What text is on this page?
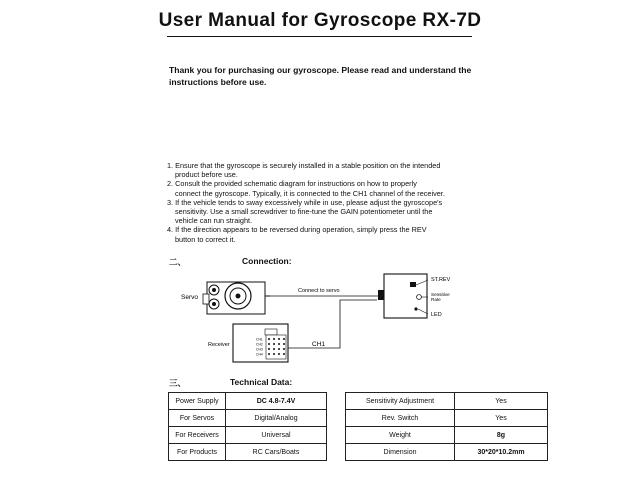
User Manual for Gyroscope RX-7D
Thank you for purchasing our gyroscope. Please read and understand the
instructions before use.
1. Ensure that the gyroscope is securely installed in a stable position on the intended
product before use.
2. Consult the provided schematic diagram for instructions on how to properly
connect the gyroscope. Typically, it is connected to the CH1 channel of the receiver.
3. If the vehicle tends to sway excessively while in use, please adjust the gyroscope's
sensitivity. Use a small screwdriver to fine-tune the GAIN potentiometer until the
vehicle can run straight.
4. If the direction appears to be reversed during operation, simply press the REV
button to correct it.
二、	Connection:
Servo
Connect to servo
ST.REV
Sensitive
Rate
LED
CH1
CH1
CH2
CH3
CH4
Receiver
三、	Technical Data:
Power Supply	DC 4.8-7.4V		Sensitivity Adjustment	Yes
For Servos	Digital/Analog		Rev. Switch	Yes
For Receivers	Universal		Weight	8g
For Products	RC Cars/Boats		Dimension	30*20*10.2mm
